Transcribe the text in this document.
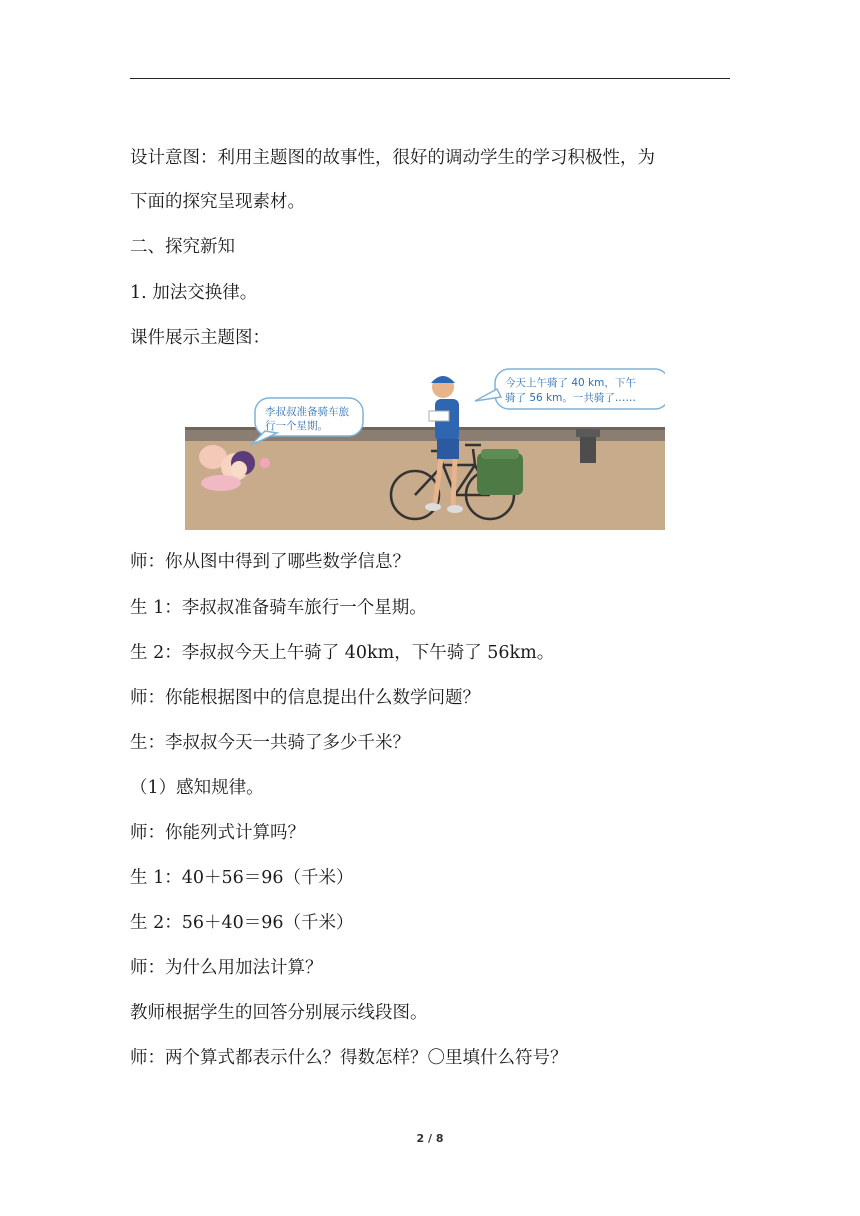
设计意图：利用主题图的故事性，很好的调动学生的学习积极性，为
下面的探究呈现素材。
二、探究新知
1. 加法交换律。
课件展示主题图：
李叔叔准备骑车旅
行一个星期。
今天上午骑了 40 km，下午
骑了 56 km。一共骑了……
师：你从图中得到了哪些数学信息？
生 1：李叔叔准备骑车旅行一个星期。
生 2：李叔叔今天上午骑了 40km，下午骑了 56km。
师：你能根据图中的信息提出什么数学问题？
生：李叔叔今天一共骑了多少千米？
（1）感知规律。
师：你能列式计算吗？
生 1：40＋56＝96（千米）
生 2：56＋40＝96（千米）
师：为什么用加法计算？
教师根据学生的回答分别展示线段图。
师：两个算式都表示什么？得数怎样？〇里填什么符号？
2 / 8
